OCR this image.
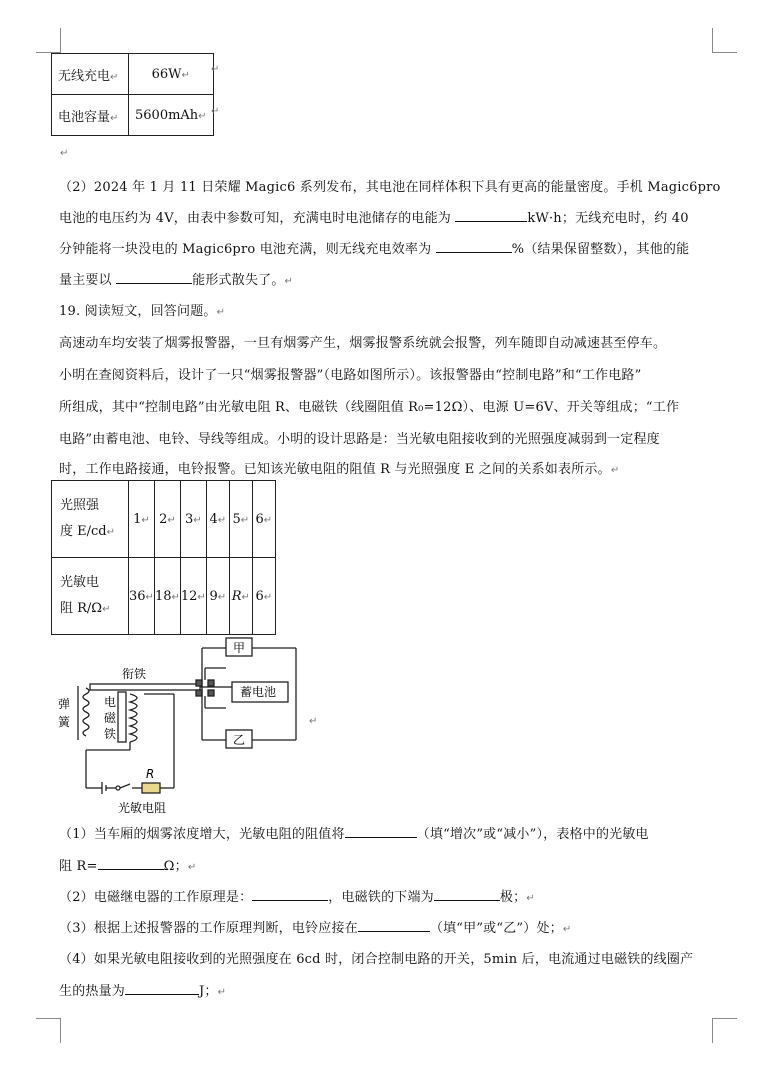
无线充电↵	66W↵
电池容量↵	5600mAh↵
↵
↵
↵
（2）2024 年 1 月 11 日荣耀 Magic6 系列发布，其电池在同样体积下具有更高的能量密度。手机 Magic6pro
电池的电压约为 4V，由表中参数可知，充满电时电池储存的电能为	kW·h；无线充电时，约 40
分钟能将一块没电的 Magic6pro 电池充满，则无线充电效率为	%（结果保留整数），其他的能
量主要以	能形式散失了。↵
19. 阅读短文，回答问题。↵
高速动车均安装了烟雾报警器，一旦有烟雾产生，烟雾报警系统就会报警，列车随即自动减速甚至停车。
小明在查阅资料后，设计了一只“烟雾报警器”（电路如图所示）。该报警器由“控制电路”和“工作电路”
所组成，其中“控制电路”由光敏电阻 R、电磁铁（线圈阻值 R₀=12Ω）、电源 U=6V、开关等组成；“工作
电路”由蓄电池、电铃、导线等组成。小明的设计思路是：当光敏电阻接收到的光照强度减弱到一定程度
时，工作电路接通，电铃报警。已知该光敏电阻的阻值 R 与光照强度 E 之间的关系如表所示。↵
光照强
度 E/cd↵	1↵	2↵	3↵	4↵	5↵	6↵
光敏电
阻 R/Ω↵	36↵	18↵	12↵	9↵	R↵	6↵
衔铁
弹
簧
电
磁
铁
甲
乙
蓄电池
R
光敏电阻
↵
（1）当车厢的烟雾浓度增大，光敏电阻的阻值将	（填“增次”或“减小”），表格中的光敏电
阻 R=	Ω；↵
（2）电磁继电器的工作原理是：	，电磁铁的下端为	极；↵
（3）根据上述报警器的工作原理判断，电铃应接在	（填“甲”或“乙”）处；↵
（4）如果光敏电阻接收到的光照强度在 6cd 时，闭合控制电路的开关，5min 后，电流通过电磁铁的线圈产
生的热量为	J；↵
